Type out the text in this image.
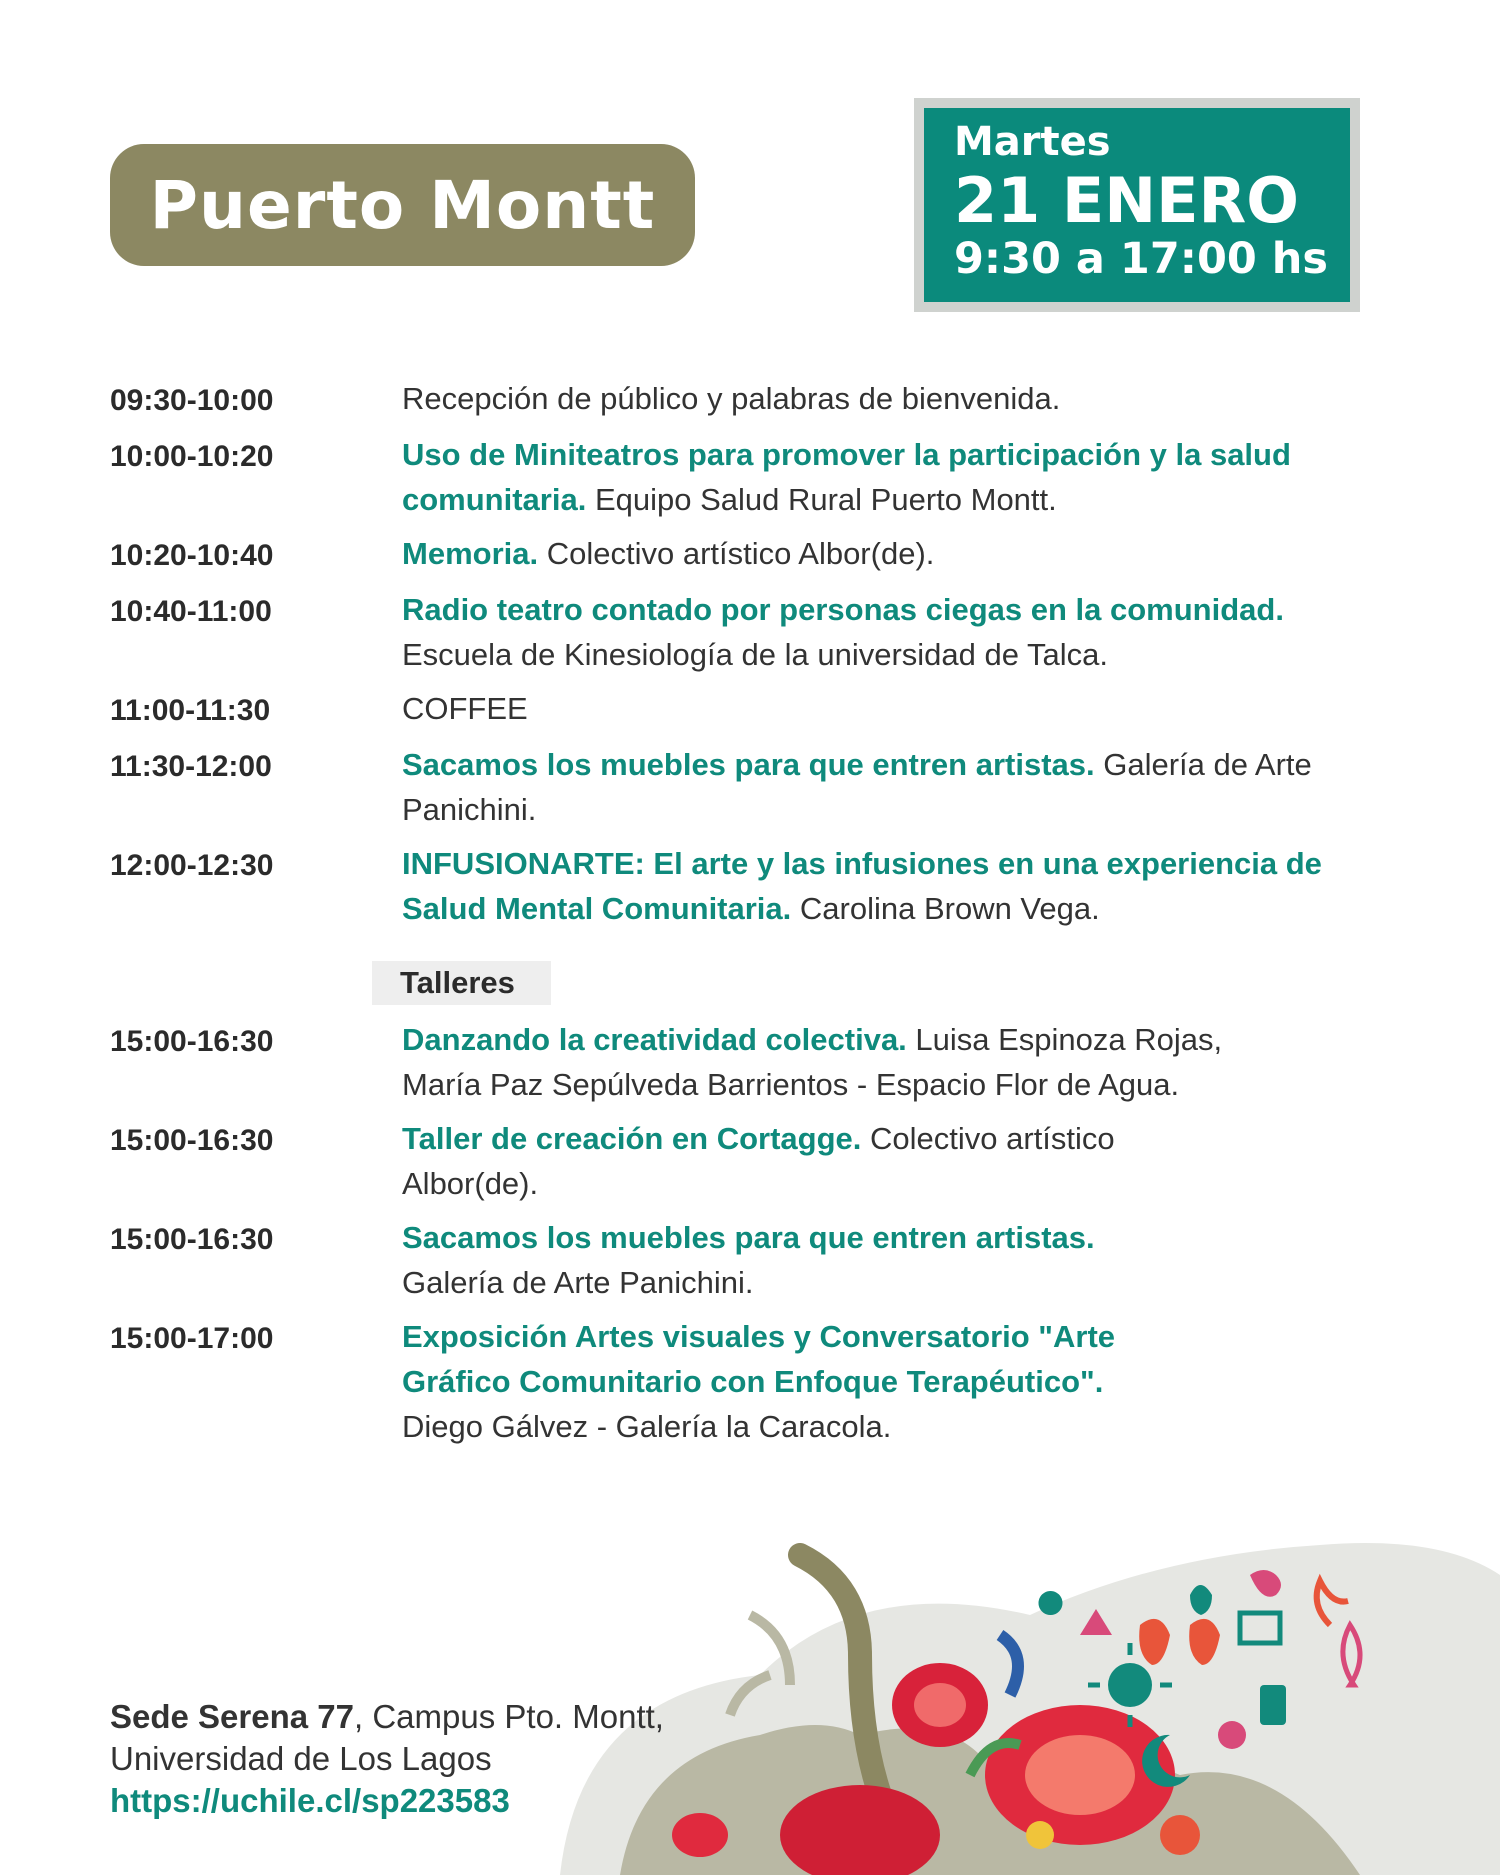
Puerto Montt
Martes
21 ENERO
9:30 a 17:00 hs
09:30-10:00	Recepción de público y palabras de bienvenida.
10:00-10:20	Uso de Miniteatros para promover la participación y la salud comunitaria. Equipo Salud Rural Puerto Montt.
10:20-10:40	Memoria. Colectivo artístico Albor(de).
10:40-11:00	Radio teatro contado por personas ciegas en la comunidad. Escuela de Kinesiología de la universidad de Talca.
11:00-11:30	COFFEE
11:30-12:00	Sacamos los muebles para que entren artistas. Galería de Arte Panichini.
12:00-12:30	INFUSIONARTE: El arte y las infusiones en una experiencia de Salud Mental Comunitaria. Carolina Brown Vega.
Talleres
15:00-16:30	Danzando la creatividad colectiva. Luisa Espinoza Rojas, María Paz Sepúlveda Barrientos - Espacio Flor de Agua.
15:00-16:30	Taller de creación en Cortagge. Colectivo artístico Albor(de).
15:00-16:30	Sacamos los muebles para que entren artistas.
Galería de Arte Panichini.
15:00-17:00	Exposición Artes visuales y Conversatorio "Arte Gráfico Comunitario con Enfoque Terapéutico".
Diego Gálvez - Galería la Caracola.
Sede Serena 77, Campus Pto. Montt,
Universidad de Los Lagos
https://uchile.cl/sp223583
